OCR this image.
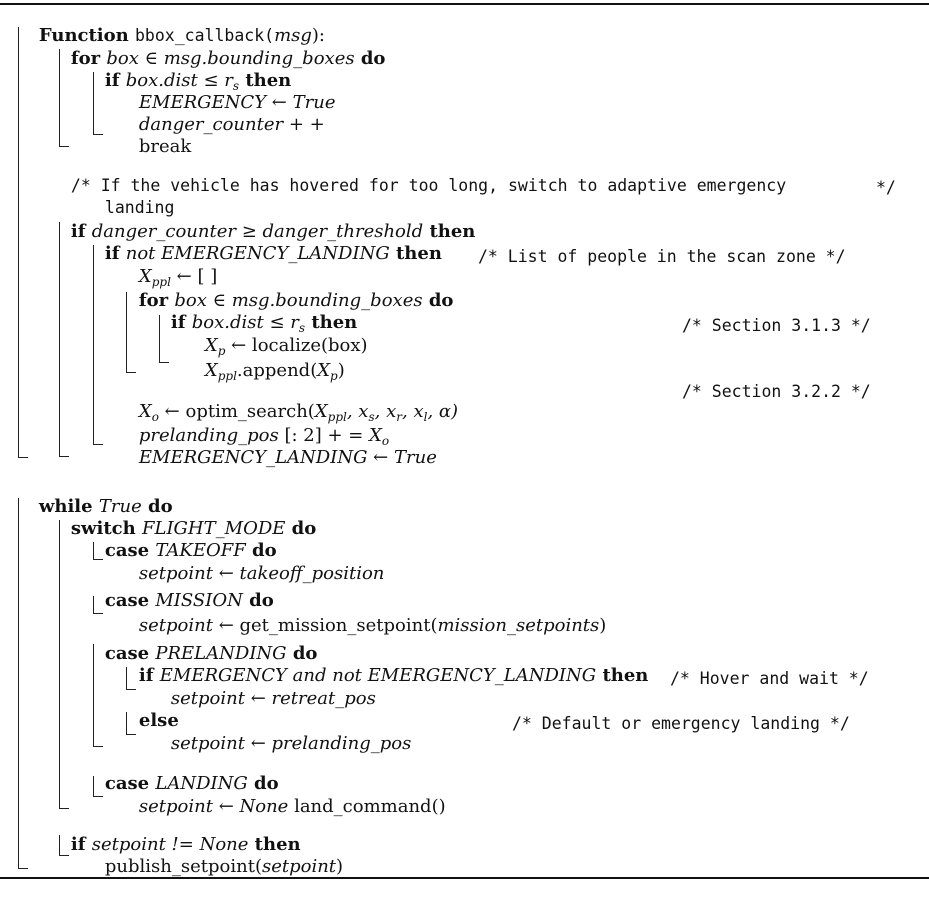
Function bbox_callback(msg):

for box ∈ msg.bounding_boxes do

if box.dist ≤ $r_s$ then

EMERGENCY ← True

danger_counter + +

break

/* If the vehicle has hovered for too long, switch to adaptive emergency

landing

*/

if danger_counter ≥ danger_threshold then

if not EMERGENCY_LANDING then

$X_{ppl}$ ← [ ]

/* List of people in the scan zone */

for box ∈ msg.bounding_boxes do

if box.dist ≤ $r_s$ then

$X_p$ ← localize(box)

/* Section 3.1.3 */

$X_{ppl}.append(X_p)$

$X_o$ ← $optim\_search(X_{ppl}$, $x_s$, $x_r$, $x_l$, α)

/* Section 3.2.2 */

prelanding_pos [: 2] + = $X_o$

EMERGENCY_LANDING ← True

while True do

switch FLIGHT_MODE do

case TAKEOFF do

setpoint ← takeoff_position

case MISSION do

setpoint ← get_mission_setpoint(mission_setpoints)

case PRELANDING do

if EMERGENCY and not EMERGENCY_LANDING then

setpoint ← retreat_pos

/* Hover and wait */

else

setpoint ← prelanding_pos

/* Default or emergency landing */

case LANDING do

setpoint ← None land_command()

if setpoint != None then

publish_setpoint(setpoint)
